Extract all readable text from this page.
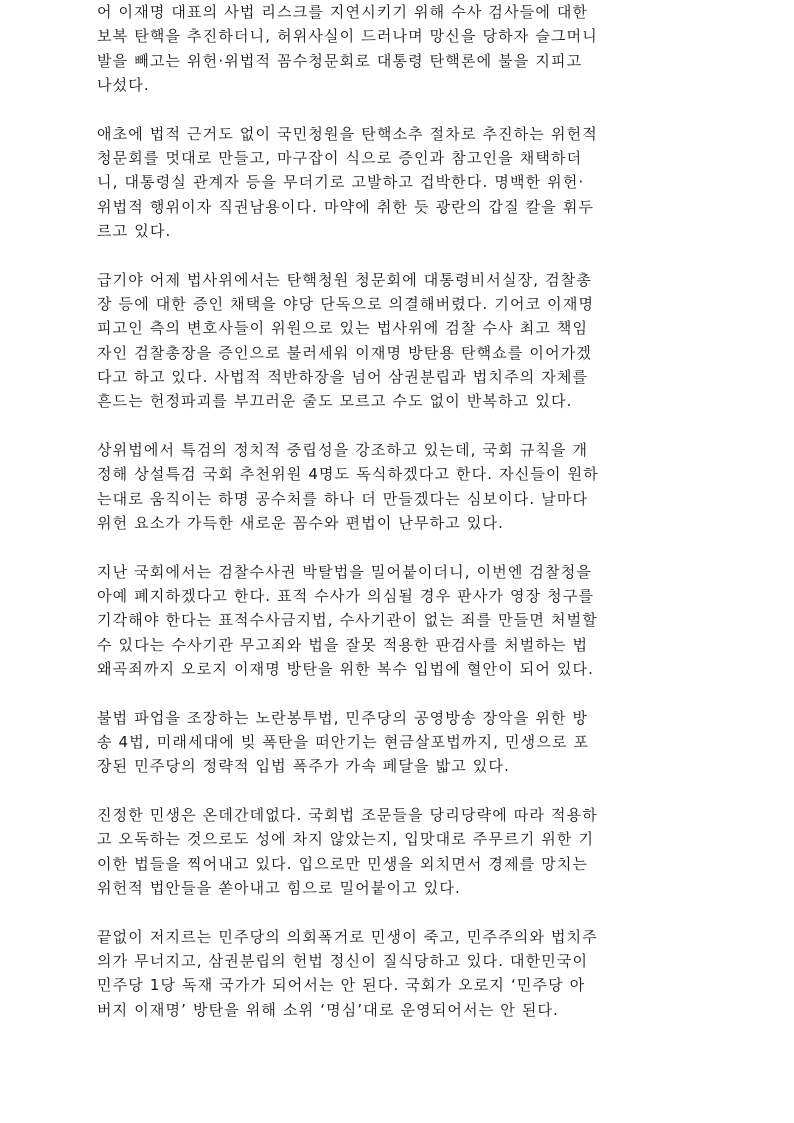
어 이재명 대표의 사법 리스크를 지연시키기 위해 수사 검사들에 대한
보복 탄핵을 추진하더니, 허위사실이 드러나며 망신을 당하자 슬그머니
발을 빼고는 위헌·위법적 꼼수청문회로 대통령 탄핵론에 불을 지피고
나섰다.
애초에 법적 근거도 없이 국민청원을 탄핵소추 절차로 추진하는 위헌적
청문회를 멋대로 만들고, 마구잡이 식으로 증인과 참고인을 채택하더
니, 대통령실 관계자 등을 무더기로 고발하고 겁박한다. 명백한 위헌·
위법적 행위이자 직권남용이다. 마약에 취한 듯 광란의 갑질 칼을 휘두
르고 있다.
급기야 어제 법사위에서는 탄핵청원 청문회에 대통령비서실장, 검찰총
장 등에 대한 증인 채택을 야당 단독으로 의결해버렸다. 기어코 이재명
피고인 측의 변호사들이 위원으로 있는 법사위에 검찰 수사 최고 책임
자인 검찰총장을 증인으로 불러세워 이재명 방탄용 탄핵쇼를 이어가겠
다고 하고 있다. 사법적 적반하장을 넘어 삼권분립과 법치주의 자체를
흔드는 헌정파괴를 부끄러운 줄도 모르고 수도 없이 반복하고 있다.
상위법에서 특검의 정치적 중립성을 강조하고 있는데, 국회 규칙을 개
정해 상설특검 국회 추천위원 4명도 독식하겠다고 한다. 자신들이 원하
는대로 움직이는 하명 공수처를 하나 더 만들겠다는 심보이다. 날마다
위헌 요소가 가득한 새로운 꼼수와 편법이 난무하고 있다.
지난 국회에서는 검찰수사권 박탈법을 밀어붙이더니, 이번엔 검찰청을
아예 폐지하겠다고 한다. 표적 수사가 의심될 경우 판사가 영장 청구를
기각해야 한다는 표적수사금지법, 수사기관이 없는 죄를 만들면 처벌할
수 있다는 수사기관 무고죄와 법을 잘못 적용한 판검사를 처벌하는 법
왜곡죄까지 오로지 이재명 방탄을 위한 복수 입법에 혈안이 되어 있다.
불법 파업을 조장하는 노란봉투법, 민주당의 공영방송 장악을 위한 방
송 4법, 미래세대에 빚 폭탄을 떠안기는 현금살포법까지, 민생으로 포
장된 민주당의 정략적 입법 폭주가 가속 페달을 밟고 있다.
진정한 민생은 온데간데없다. 국회법 조문들을 당리당략에 따라 적용하
고 오독하는 것으로도 성에 차지 않았는지, 입맛대로 주무르기 위한 기
이한 법들을 찍어내고 있다. 입으로만 민생을 외치면서 경제를 망치는
위헌적 법안들을 쏟아내고 힘으로 밀어붙이고 있다.
끝없이 저지르는 민주당의 의회폭거로 민생이 죽고, 민주주의와 법치주
의가 무너지고, 삼권분립의 헌법 정신이 질식당하고 있다. 대한민국이
민주당 1당 독재 국가가 되어서는 안 된다. 국회가 오로지 ‘민주당 아
버지 이재명’ 방탄을 위해 소위 ‘명심’대로 운영되어서는 안 된다.
